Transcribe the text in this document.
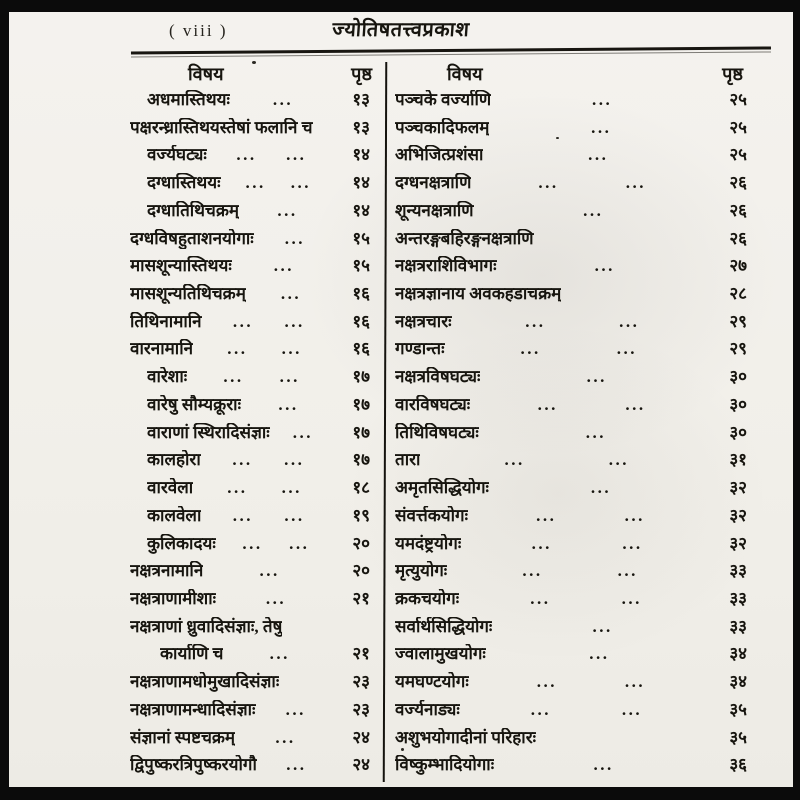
( viii )	ज्योतिषतत्त्वप्रकाश
विषय	पृष्ठ
अधमास्तिथयः	...	१३
पक्षरन्ध्रास्तिथयस्तेषां फलानि च	१३
वर्ज्यघट्यः ... ...	१४
दग्धास्तिथयः ... ...	१४
दग्धातिथिचक्रम् ...	१४
दग्धविषहुताशनयोगाः ...	१५
मासशून्यास्तिथयः ...	१५
मासशून्यतिथिचक्रम् ...	१६
तिथिनामानि ... ...	१६
वारनामानि ... ...	१६
वारेशाः ... ...	१७
वारेषु सौम्यक्रूराः ...	१७
वाराणां स्थिरादिसंज्ञाः ...	१७
कालहोरा ... ...	१७
वारवेला ... ...	१८
कालवेला ... ...	१९
कुलिकादयः ... ...	२०
नक्षत्रनामानि	...	२०
नक्षत्राणामीशाः	...	२१
नक्षत्राणां ध्रुवादिसंज्ञाः, तेषु
कार्याणि च	...	२१
नक्षत्राणामधोमुखादिसंज्ञाः	२३
नक्षत्राणामन्धादिसंज्ञाः ...	२३
संज्ञानां स्पष्टचक्रम् ...	२४
द्विपुष्करत्रिपुष्करयोगौ ...	२४
विषय	पृष्ठ
पञ्चके वर्ज्याणि	...	२५
पञ्चकादिफलम्	...	२५
अभिजित्प्रशंसा	...	२५
दग्धनक्षत्राणि	...	...	२६
शून्यनक्षत्राणि	...	२६
अन्तरङ्गबहिरङ्गनक्षत्राणि	२६
नक्षत्रराशिविभागः	...	२७
नक्षत्रज्ञानाय अवकहडाचक्रम्	२८
नक्षत्रचारः	...	...	२९
गण्डान्तः	...	...	२९
नक्षत्रविषघट्यः	...	३०
वारविषघट्यः	...	...	३०
तिथिविषघट्यः	...	३०
तारा	...	...	३१
अमृतसिद्धियोगः	...	३२
संवर्त्तकयोगः	...	...	३२
यमदंष्ट्रयोगः	...	...	३२
मृत्युयोगः	...	...	३३
क्रकचयोगः	...	...	३३
सर्वार्थसिद्धियोगः	...	३३
ज्वालामुखयोगः	...	३४
यमघण्टयोगः	...	...	३४
वर्ज्यनाड्यः	...	...	३५
अशुभयोगादीनां परिहारः	३५
विष्कुम्भादियोगाः	...	३६
